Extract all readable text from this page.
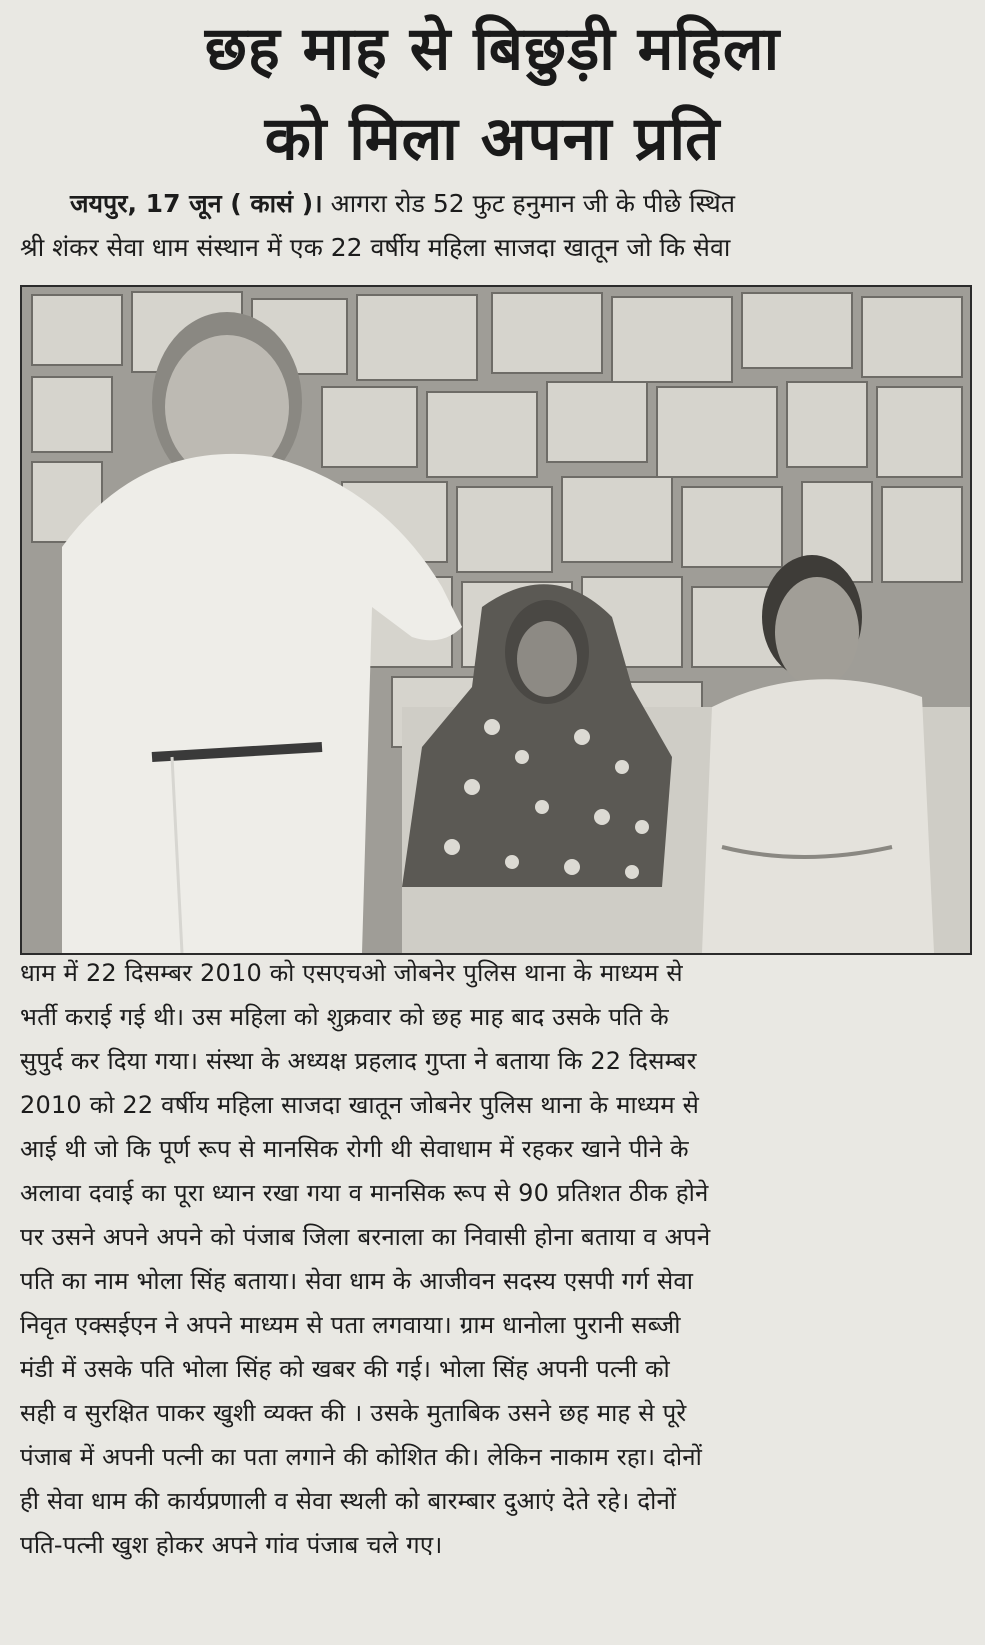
छह माह से बिछुड़ी महिला
को मिला अपना प्रति
जयपुर, 17 जून ( कासं )। आगरा रोड 52 फुट हनुमान जी के पीछे स्थित
श्री शंकर सेवा धाम संस्थान में एक 22 वर्षीय महिला साजदा खातून जो कि सेवा
धाम में 22 दिसम्बर 2010 को एसएचओ जोबनेर पुलिस थाना के माध्यम से
भर्ती कराई गई थी। उस महिला को शुक्रवार को छह माह बाद उसके पति के
सुपुर्द कर दिया गया। संस्था के अध्यक्ष प्रहलाद गुप्ता ने बताया कि 22 दिसम्बर
2010 को 22 वर्षीय महिला साजदा खातून जोबनेर पुलिस थाना के माध्यम से
आई थी जो कि पूर्ण रूप से मानसिक रोगी थी सेवाधाम में रहकर खाने पीने के
अलावा दवाई का पूरा ध्यान रखा गया व मानसिक रूप से 90 प्रतिशत ठीक होने
पर उसने अपने अपने को पंजाब जिला बरनाला का निवासी होना बताया व अपने
पति का नाम भोला सिंह बताया। सेवा धाम के आजीवन सदस्य एसपी गर्ग सेवा
निवृत एक्सईएन ने अपने माध्यम से पता लगवाया। ग्राम धानोला पुरानी सब्जी
मंडी में उसके पति भोला सिंह को खबर की गई। भोला सिंह अपनी पत्नी को
सही व सुरक्षित पाकर खुशी व्यक्त की । उसके मुताबिक उसने छह माह से पूरे
पंजाब में अपनी पत्नी का पता लगाने की कोशित की। लेकिन नाकाम रहा। दोनों
ही सेवा धाम की कार्यप्रणाली व सेवा स्थली को बारम्बार दुआएं देते रहे। दोनों
पति-पत्नी खुश होकर अपने गांव पंजाब चले गए।
